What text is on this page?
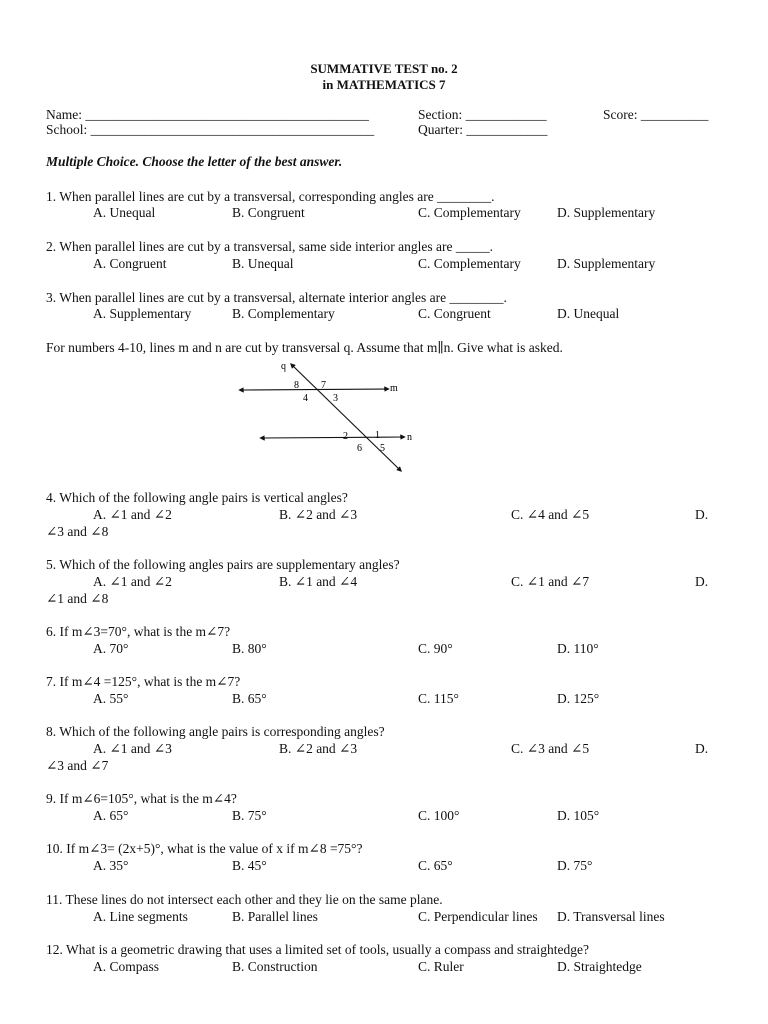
SUMMATIVE TEST no. 2
in MATHEMATICS 7
Name: __________________________________________
School: __________________________________________
Section: ____________
Quarter: ____________
Score: __________
Multiple Choice. Choose the letter of the best answer.
1. When parallel lines are cut by a transversal, corresponding angles are ________.
A. Unequal	B. Congruent	C. Complementary	D. Supplementary
2. When parallel lines are cut by a transversal, same side interior angles are _____.
A. Congruent	B. Unequal	C. Complementary	D. Supplementary
3. When parallel lines are cut by a transversal, alternate interior angles are ________.
A. Supplementary	B. Complementary	C. Congruent	D. Unequal
For numbers 4-10, lines m and n are cut by transversal q. Assume that m∥n. Give what is asked.
q
m
n
8 7
4	3
2	1
6 5
4. Which of the following angle pairs is vertical angles?
A. ∠1 and ∠2	B. ∠2 and ∠3	C. ∠4 and ∠5	D.
∠3 and ∠8
5. Which of the following angles pairs are supplementary angles?
A. ∠1 and ∠2	B. ∠1 and ∠4	C. ∠1 and ∠7	D.
∠1 and ∠8
6. If m∠3=70°, what is the m∠7?
A. 70°	B. 80°	C. 90°	D. 110°
7. If m∠4 =125°, what is the m∠7?
A. 55°	B. 65°	C. 115°	D. 125°
8. Which of the following angle pairs is corresponding angles?
A. ∠1 and ∠3	B. ∠2 and ∠3	C. ∠3 and ∠5	D.
∠3 and ∠7
9. If m∠6=105°, what is the m∠4?
A. 65°	B. 75°	C. 100°	D. 105°
10. If m∠3= (2x+5)°, what is the value of x if m∠8 =75°?
A. 35°	B. 45°	C. 65°	D. 75°
11. These lines do not intersect each other and they lie on the same plane.
A. Line segments	B. Parallel lines	C. Perpendicular lines D. Transversal lines
12. What is a geometric drawing that uses a limited set of tools, usually a compass and straightedge?
A. Compass	B. Construction	C. Ruler	D. Straightedge
